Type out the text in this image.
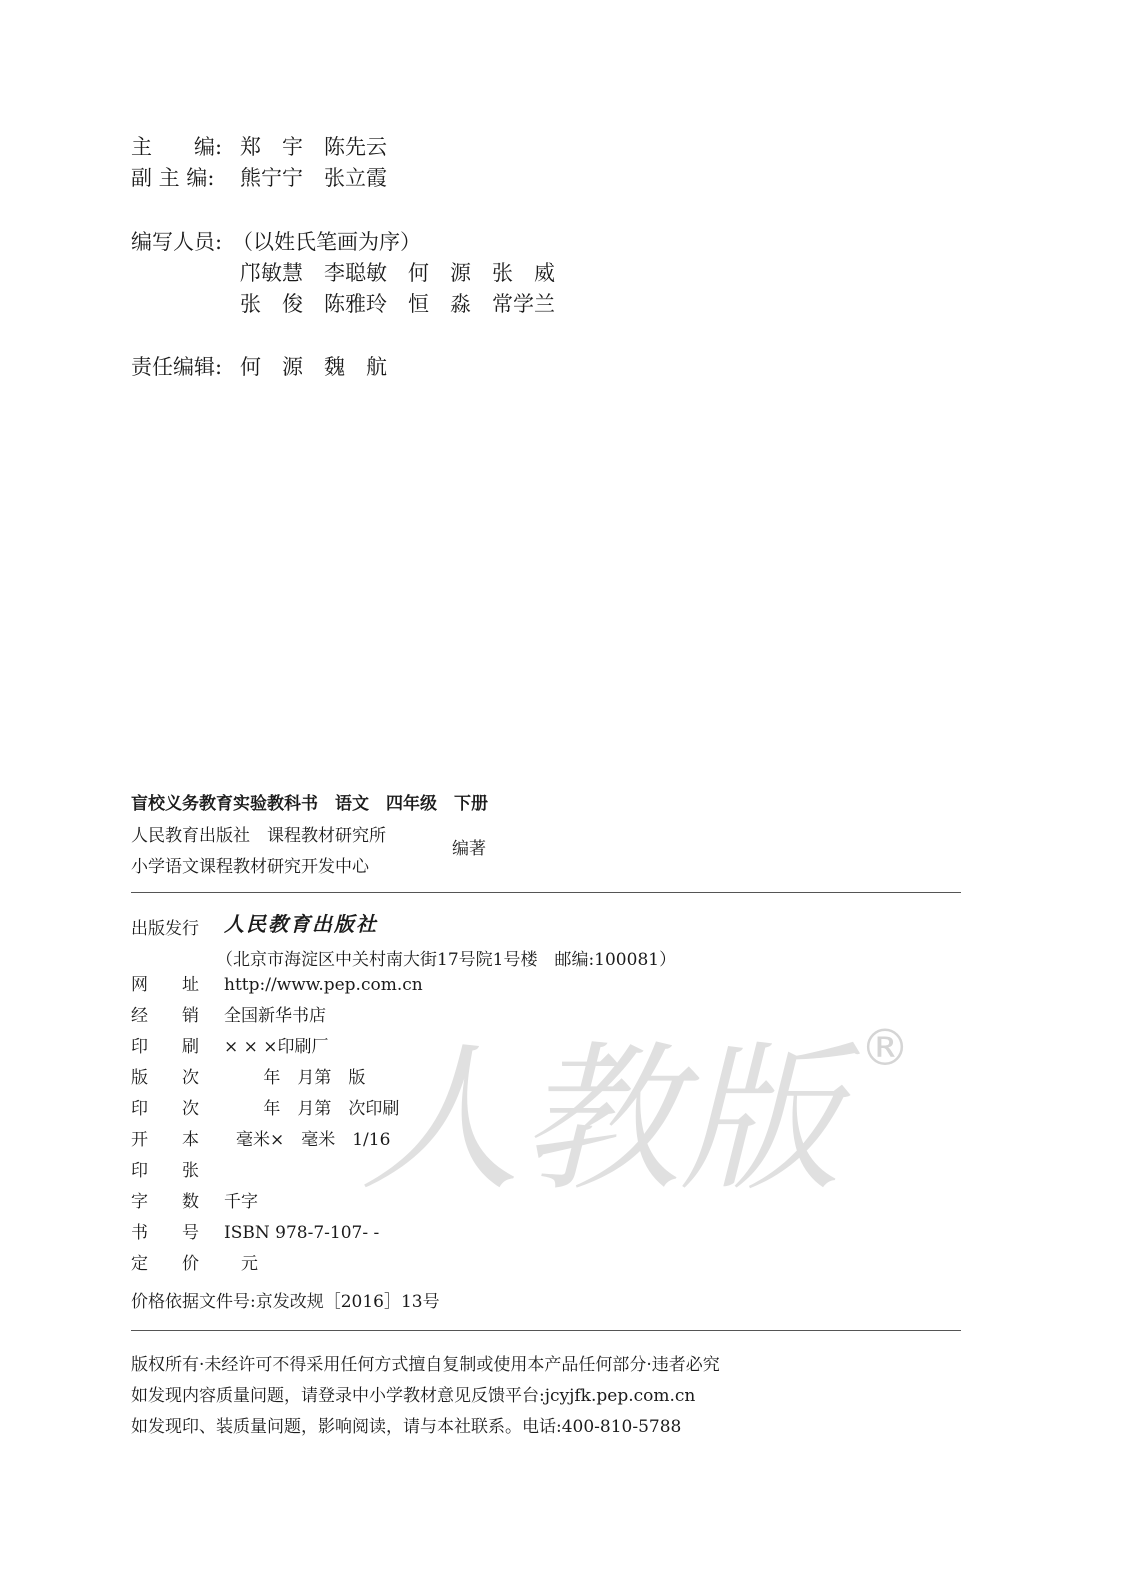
人教版 ®
主　　编: 郑　宇　陈先云
副 主 编: 熊宁宁　张立霞
编写人员: （以姓氏笔画为序）
邝敏慧　李聪敏　何　源　张　威
张　俊　陈雅玲　恒　淼　常学兰
责任编辑: 何　源　魏　航
盲校义务教育实验教科书　语文　四年级　下册
人民教育出版社　课程教材研究所
小学语文课程教材研究开发中心
编著
出版发行 人民教育出版社
（北京市海淀区中关村南大街17号院1号楼　邮编:100081）
网　　址	http://www.pep.com.cn
经　　销	全国新华书店
印　　刷	× × ×印刷厂
版　　次	　　 年　月第　版
印　　次	　　 年　月第　次印刷
开　　本	毫米×　毫米　1/16
印　　张
字　　数	千字
书　　号	ISBN 978-7-107- -
定　　价	　元
价格依据文件号:京发改规［2016］13号
版权所有·未经许可不得采用任何方式擅自复制或使用本产品任何部分·违者必究
如发现内容质量问题，请登录中小学教材意见反馈平台:jcyjfk.pep.com.cn
如发现印、装质量问题，影响阅读，请与本社联系。电话:400-810-5788
